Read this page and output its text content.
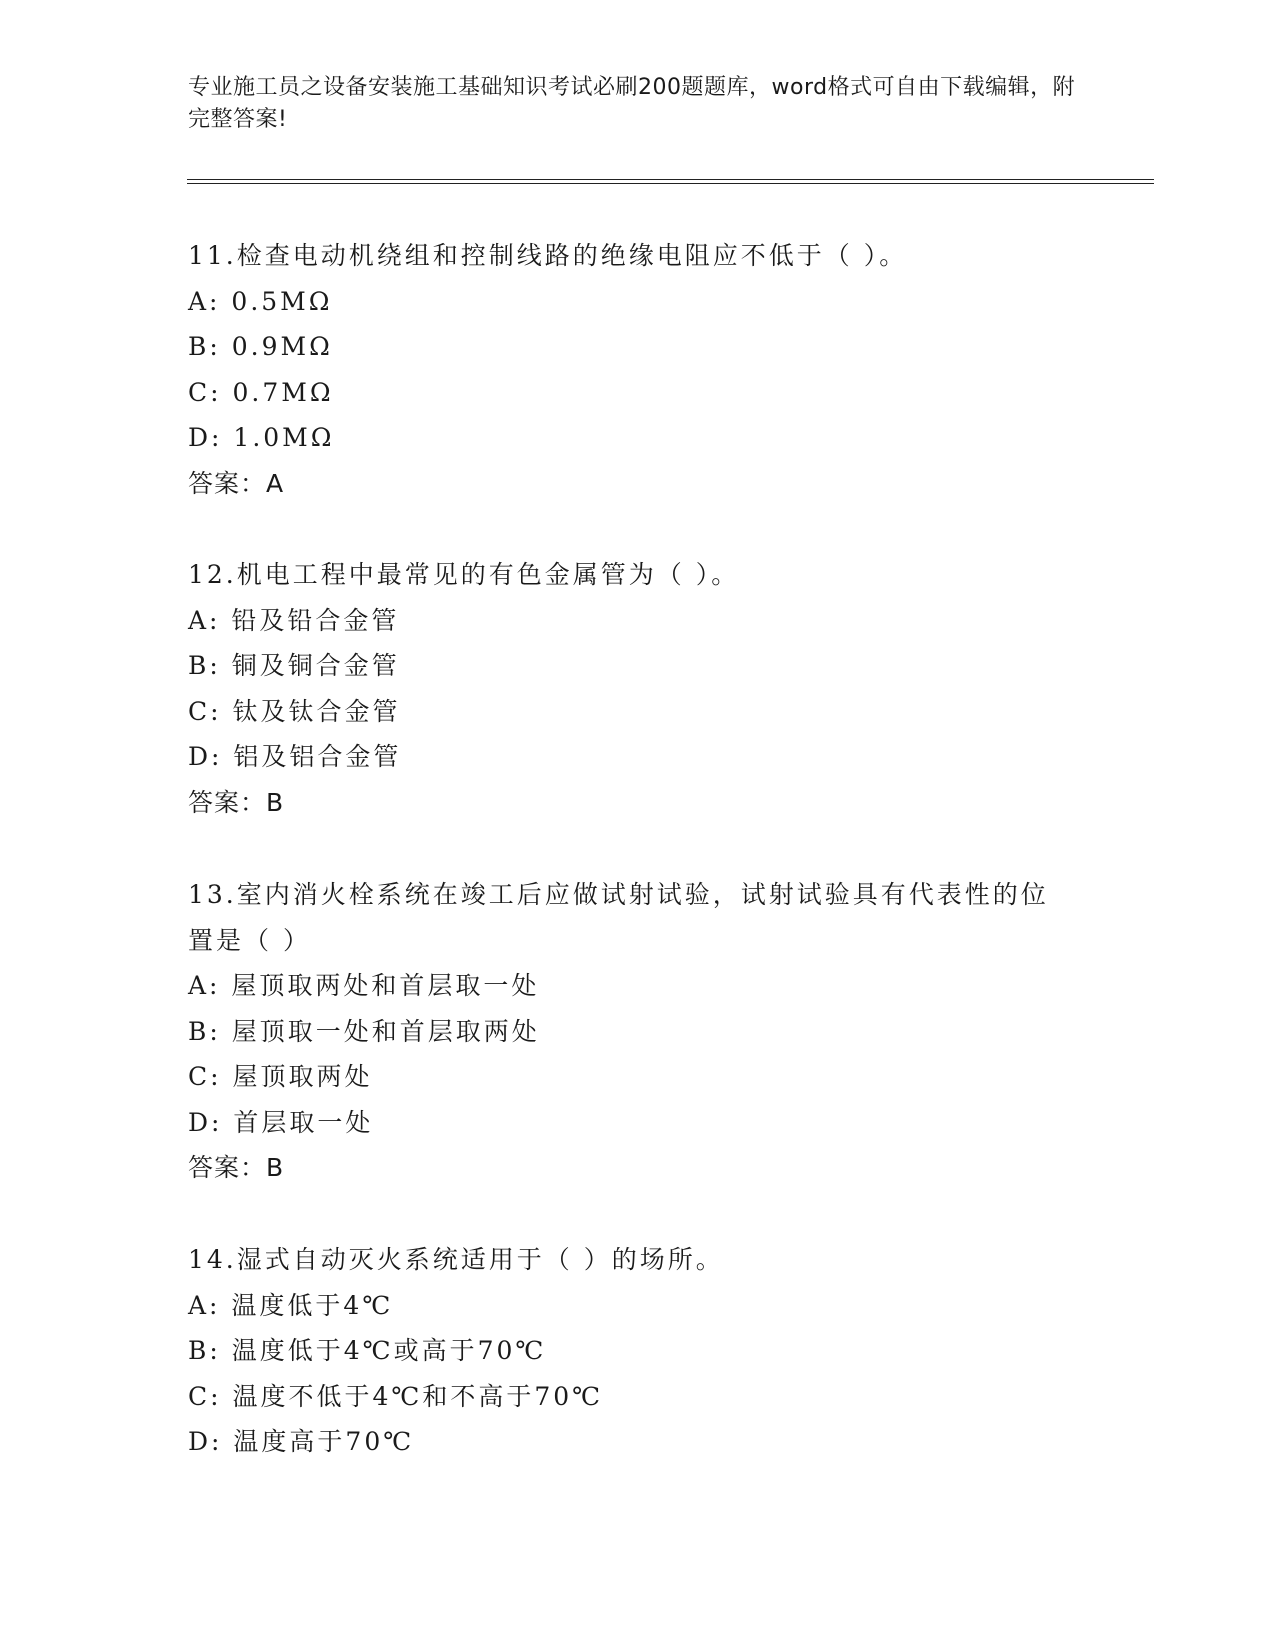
专业施工员之设备安装施工基础知识考试必刷200题题库，word格式可自由下载编辑，附完整答案!
11.检查电动机绕组和控制线路的绝缘电阻应不低于（ ）。
A: 0.5MΩ
B: 0.9MΩ
C: 0.7MΩ
D: 1.0MΩ
答案：A
12.机电工程中最常见的有色金属管为（ ）。
A: 铅及铅合金管
B: 铜及铜合金管
C: 钛及钛合金管
D: 铝及铝合金管
答案：B
13.室内消火栓系统在竣工后应做试射试验，试射试验具有代表性的位置是（ ）
A: 屋顶取两处和首层取一处
B: 屋顶取一处和首层取两处
C: 屋顶取两处
D: 首层取一处
答案：B
14.湿式自动灭火系统适用于（ ）的场所。
A: 温度低于4℃
B: 温度低于4℃或高于70℃
C: 温度不低于4℃和不高于70℃
D: 温度高于70℃
